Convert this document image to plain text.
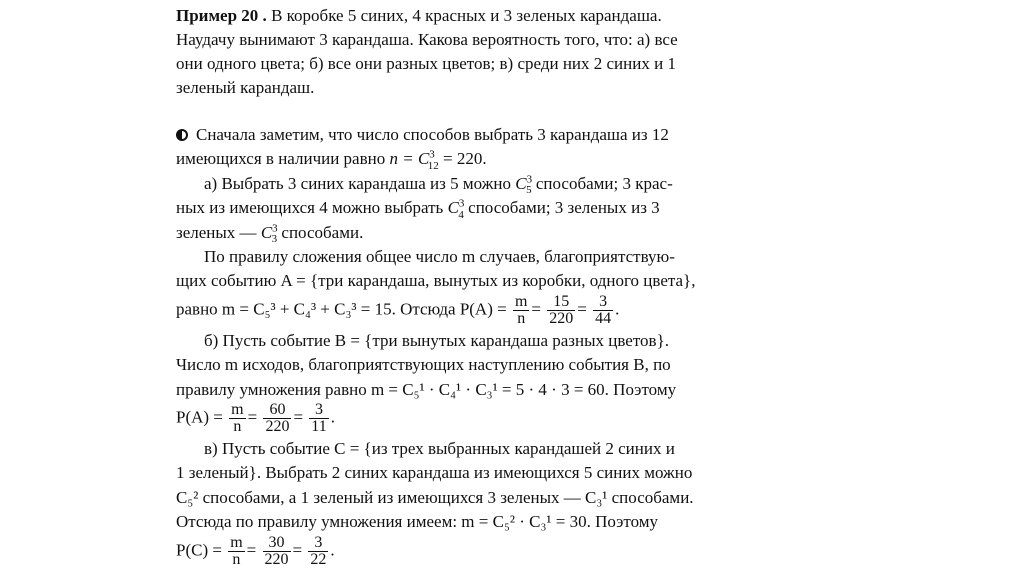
Пример 20 . В коробке 5 синих, 4 красных и 3 зеленых карандаша.
Наудачу вынимают 3 карандаша. Какова вероятность того, что: а) все
они одного цвета; б) все они разных цветов; в) среди них 2 синих и 1
зеленый карандаш.
Сначала заметим, что число способов выбрать 3 карандаша из 12
имеющихся в наличии равно $n = C^3_{12} = 220$.
а) Выбрать 3 синих карандаша из 5 можно $C^3_5$ способами; 3 крас-
ных из имеющихся 4 можно выбрать $C^3_4$ способами; 3 зеленых из 3
зеленых — $C^3_3$ способами.
По правилу сложения общее число m случаев, благоприятствую-
щих событию A = {три карандаша, вынутых из коробки, одного цвета},
равно m = C₅³ + C₄³ + C₃³ = 15. Отсюда $P(A) = \frac{m}{n} = \frac{15}{220} = \frac{3}{44}$ .
б) Пусть событие B = {три вынутых карандаша разных цветов}.
Число m исходов, благоприятствующих наступлению события B, по
правилу умножения равно m = C₅¹ · C₄¹ · C₃¹ = 5 · 4 · 3 = 60. Поэтому
$P(A) = \frac{m}{n} = \frac{60}{220} = \frac{3}{11}$ .
в) Пусть событие C = {из трех выбранных карандашей 2 синих и
1 зеленый}. Выбрать 2 синих карандаша из имеющихся 5 синих можно
C₅² способами, а 1 зеленый из имеющихся 3 зеленых — C₃¹ способами.
Отсюда по правилу умножения имеем: m = C₅² · C₃¹ = 30. Поэтому
$P(C) = \frac{m}{n} = \frac{30}{220} = \frac{3}{22}$ .
